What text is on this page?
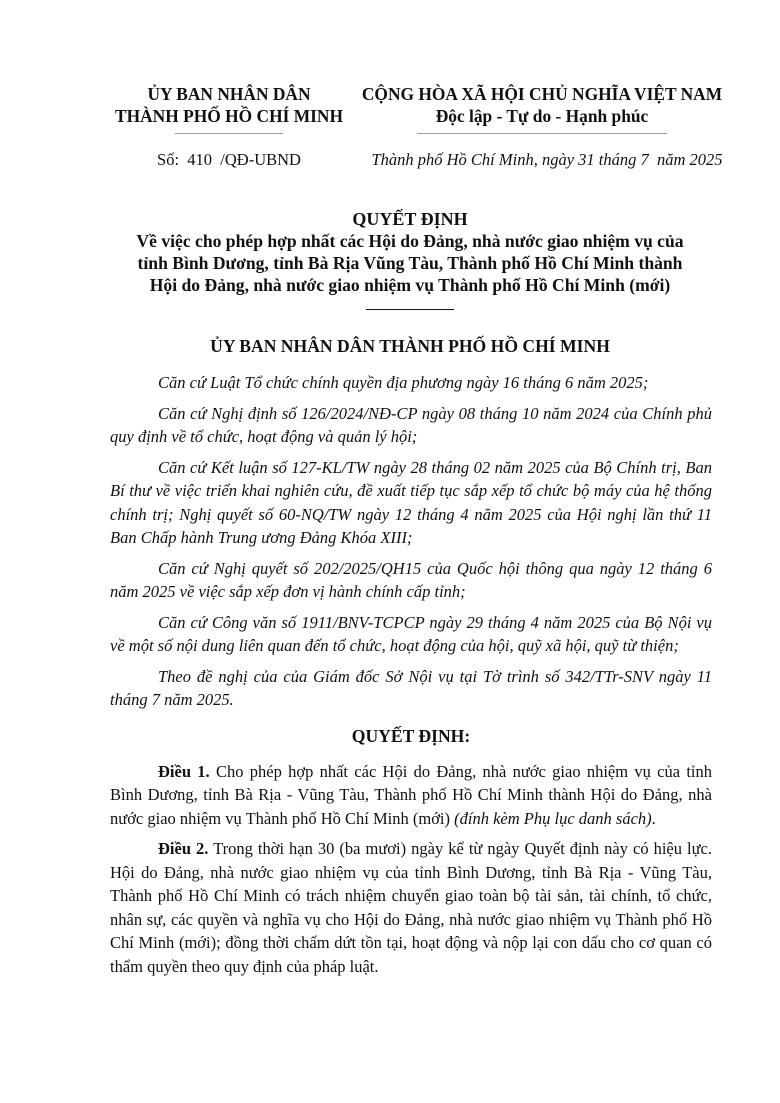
ỦY BAN NHÂN DÂN
THÀNH PHỐ HỒ CHÍ MINH
CỘNG HÒA XÃ HỘI CHỦ NGHĨA VIỆT NAM
Độc lập - Tự do - Hạnh phúc
Số:  410  /QĐ-UBND	Thành phố Hồ Chí Minh, ngày 31 tháng 7  năm 2025
QUYẾT ĐỊNH
Về việc cho phép hợp nhất các Hội do Đảng, nhà nước giao nhiệm vụ của
tỉnh Bình Dương, tỉnh Bà Rịa Vũng Tàu, Thành phố Hồ Chí Minh thành
Hội do Đảng, nhà nước giao nhiệm vụ Thành phố Hồ Chí Minh (mới)
ỦY BAN NHÂN DÂN THÀNH PHỐ HỒ CHÍ MINH

Căn cứ Luật Tổ chức chính quyền địa phương ngày 16 tháng 6 năm 2025;

Căn cứ Nghị định số 126/2024/NĐ-CP ngày 08 tháng 10 năm 2024 của Chính phủ quy định về tổ chức, hoạt động và quản lý hội;

Căn cứ Kết luận số 127-KL/TW ngày 28 tháng 02 năm 2025 của Bộ Chính trị, Ban Bí thư về việc triển khai nghiên cứu, đề xuất tiếp tục sắp xếp tổ chức bộ máy của hệ thống chính trị; Nghị quyết số 60-NQ/TW ngày 12 tháng 4 năm 2025 của Hội nghị lần thứ 11 Ban Chấp hành Trung ương Đảng Khóa XIII;

Căn cứ Nghị quyết số 202/2025/QH15 của Quốc hội thông qua ngày 12 tháng 6 năm 2025 về việc sắp xếp đơn vị hành chính cấp tỉnh;

Căn cứ Công văn số 1911/BNV-TCPCP ngày 29 tháng 4 năm 2025 của Bộ Nội vụ về một số nội dung liên quan đến tổ chức, hoạt động của hội, quỹ xã hội, quỹ từ thiện;

Theo đề nghị của của Giám đốc Sở Nội vụ tại Tờ trình số 342/TTr-SNV ngày 11 tháng 7 năm 2025.

QUYẾT ĐỊNH:

Điều 1. Cho phép hợp nhất các Hội do Đảng, nhà nước giao nhiệm vụ của tỉnh Bình Dương, tỉnh Bà Rịa - Vũng Tàu, Thành phố Hồ Chí Minh thành Hội do Đảng, nhà nước giao nhiệm vụ Thành phố Hồ Chí Minh (mới) (đính kèm Phụ lục danh sách).

Điều 2. Trong thời hạn 30 (ba mươi) ngày kể từ ngày Quyết định này có hiệu lực. Hội do Đảng, nhà nước giao nhiệm vụ của tỉnh Bình Dương, tỉnh Bà Rịa - Vũng Tàu, Thành phố Hồ Chí Minh có trách nhiệm chuyển giao toàn bộ tài sản, tài chính, tổ chức, nhân sự, các quyền và nghĩa vụ cho Hội do Đảng, nhà nước giao nhiệm vụ Thành phố Hồ Chí Minh (mới); đồng thời chấm dứt tồn tại, hoạt động và nộp lại con dấu cho cơ quan có thẩm quyền theo quy định của pháp luật.
